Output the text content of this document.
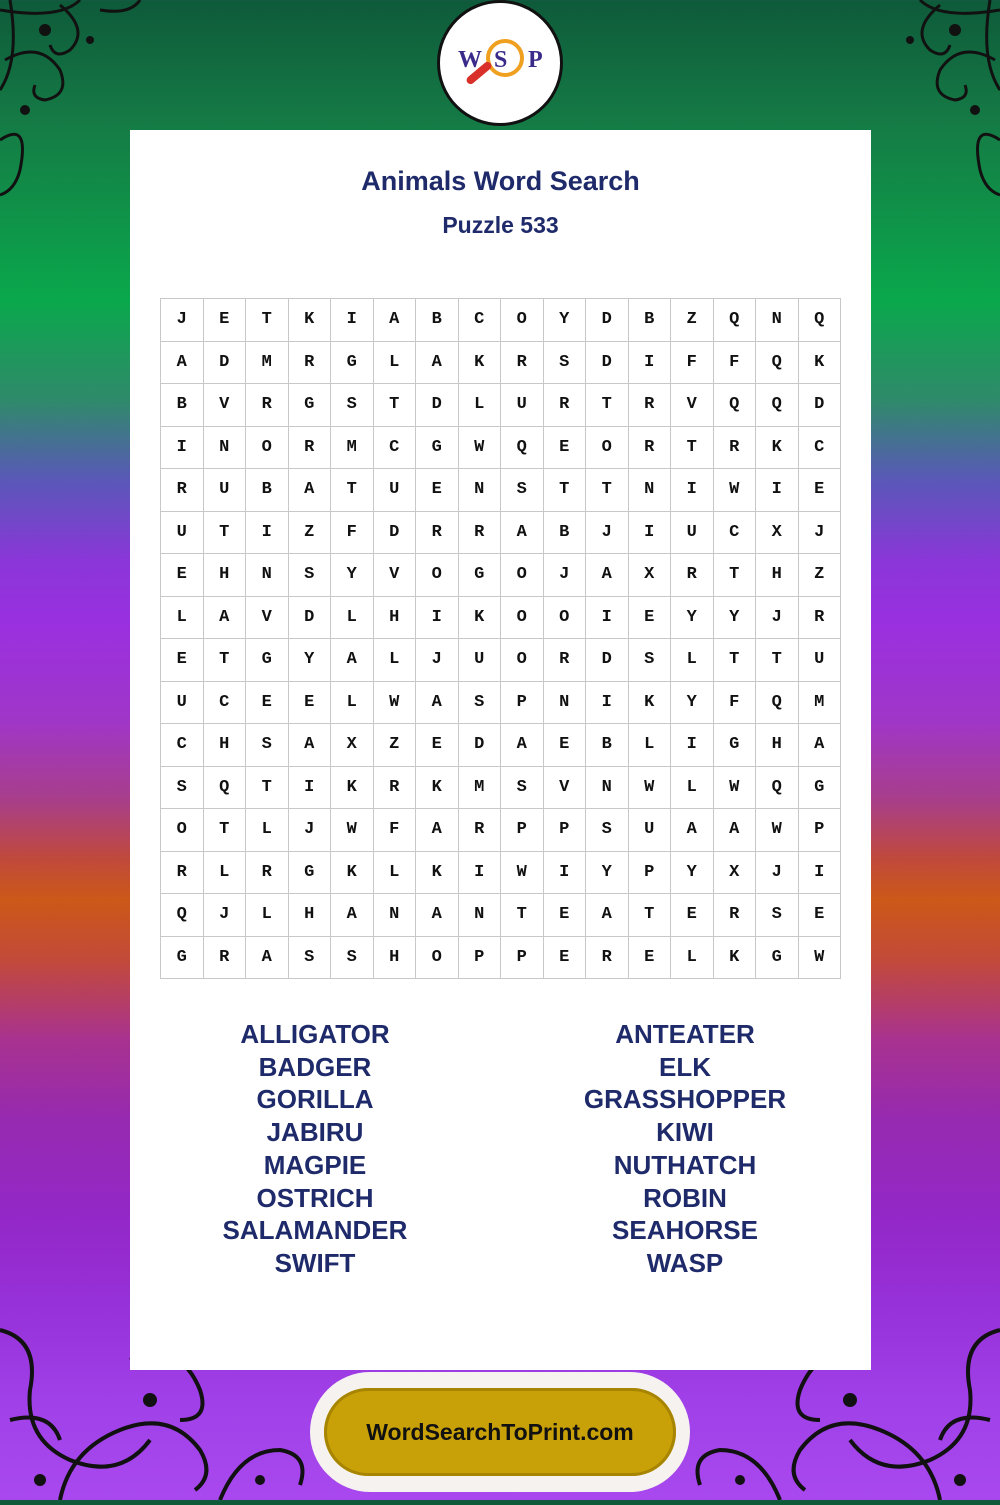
W S P
Animals Word Search
Puzzle 533
J	E	T	K	I	A	B	C	O	Y	D	B	Z	Q	N	Q
A	D	M	R	G	L	A	K	R	S	D	I	F	F	Q	K
B	V	R	G	S	T	D	L	U	R	T	R	V	Q	Q	D
I	N	O	R	M	C	G	W	Q	E	O	R	T	R	K	C
R	U	B	A	T	U	E	N	S	T	T	N	I	W	I	E
U	T	I	Z	F	D	R	R	A	B	J	I	U	C	X	J
E	H	N	S	Y	V	O	G	O	J	A	X	R	T	H	Z
L	A	V	D	L	H	I	K	O	O	I	E	Y	Y	J	R
E	T	G	Y	A	L	J	U	O	R	D	S	L	T	T	U
U	C	E	E	L	W	A	S	P	N	I	K	Y	F	Q	M
C	H	S	A	X	Z	E	D	A	E	B	L	I	G	H	A
S	Q	T	I	K	R	K	M	S	V	N	W	L	W	Q	G
O	T	L	J	W	F	A	R	P	P	S	U	A	A	W	P
R	L	R	G	K	L	K	I	W	I	Y	P	Y	X	J	I
Q	J	L	H	A	N	A	N	T	E	A	T	E	R	S	E
G	R	A	S	S	H	O	P	P	E	R	E	L	K	G	W
ALLIGATOR
BADGER
GORILLA
JABIRU
MAGPIE
OSTRICH
SALAMANDER
SWIFT
ANTEATER
ELK
GRASSHOPPER
KIWI
NUTHATCH
ROBIN
SEAHORSE
WASP
WordSearchToPrint.com
